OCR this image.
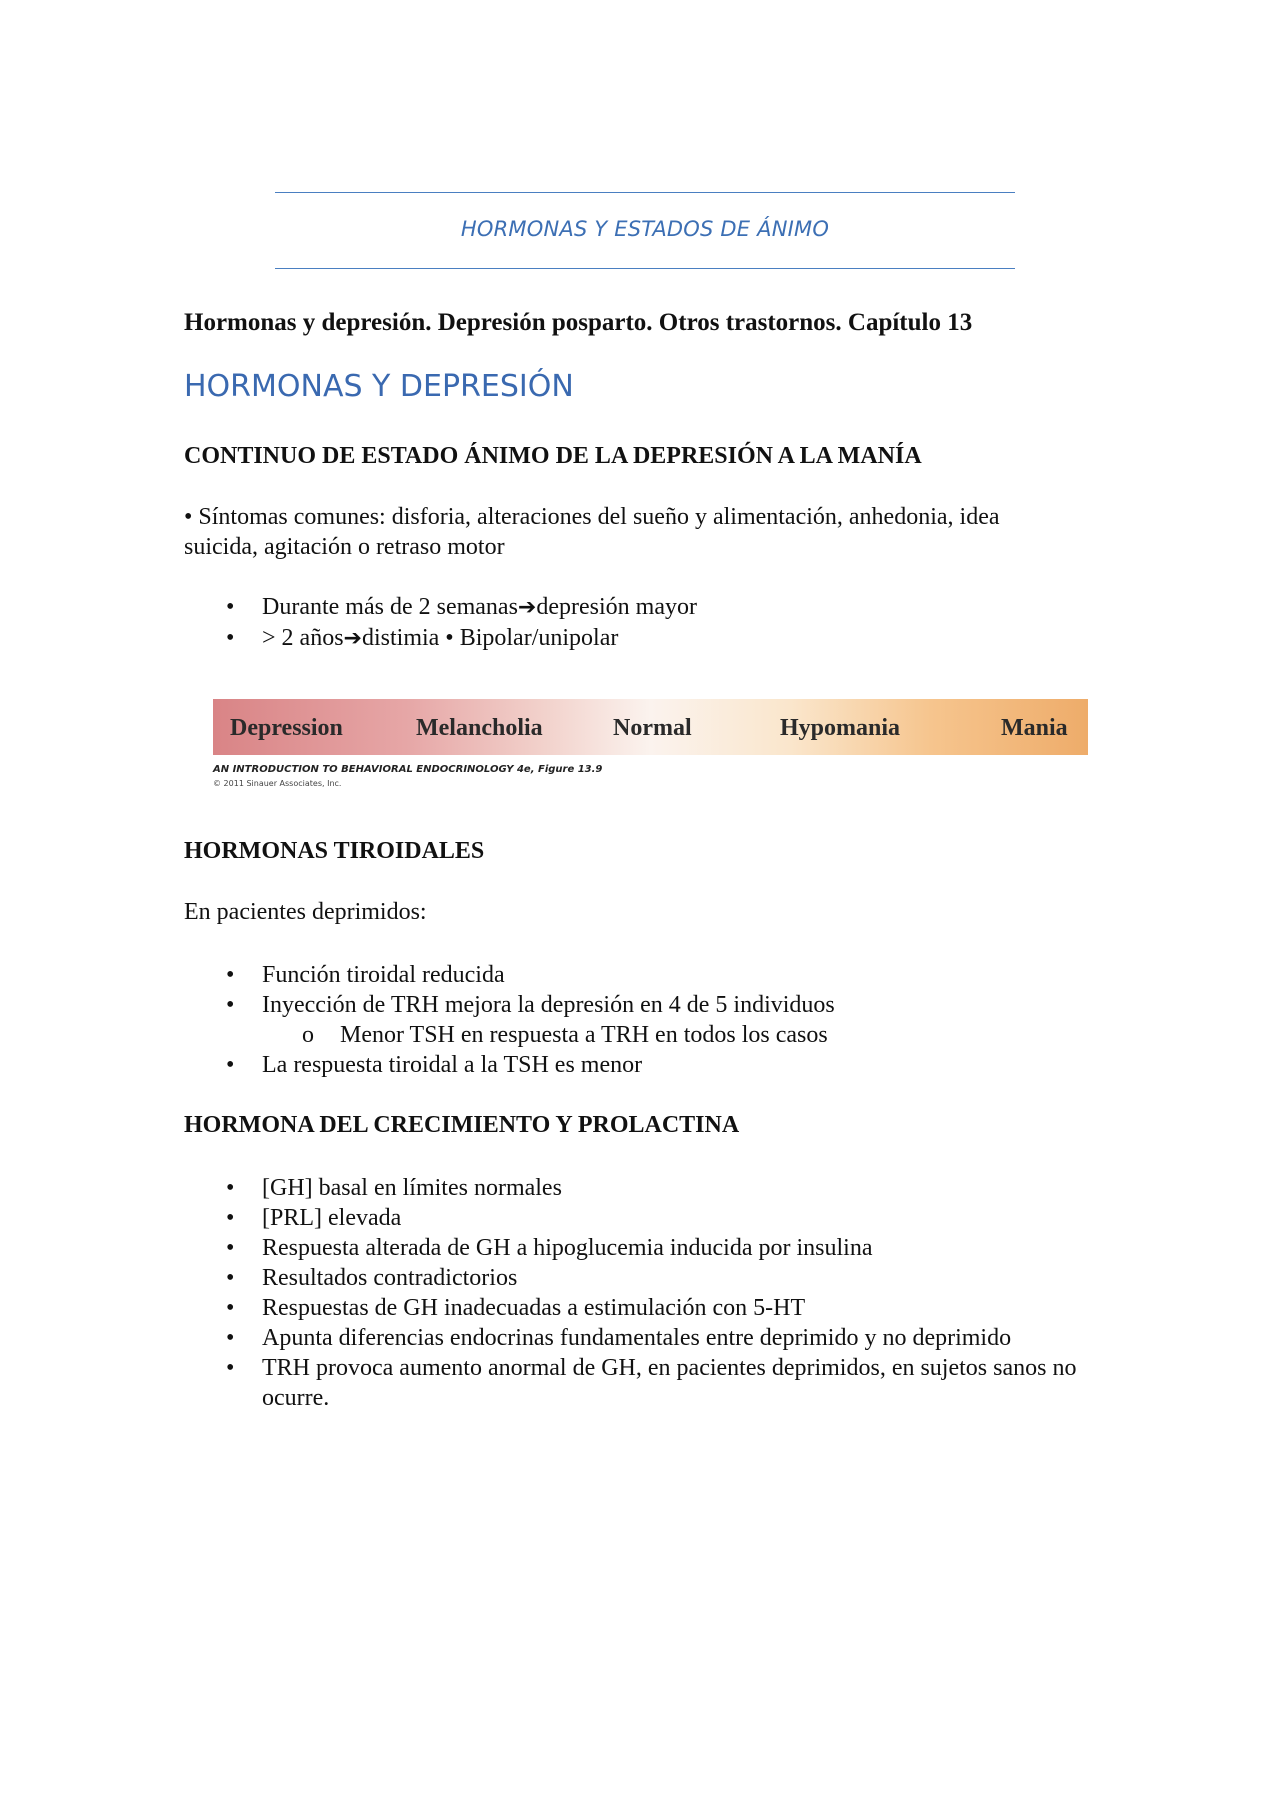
HORMONAS Y ESTADOS DE ÁNIMO
Hormonas y depresión. Depresión posparto. Otros trastornos. Capítulo 13
HORMONAS Y DEPRESIÓN
CONTINUO DE ESTADO ÁNIMO DE LA DEPRESIÓN A LA MANÍA
• Síntomas comunes: disforia, alteraciones del sueño y alimentación, anhedonia, idea
suicida, agitación o retraso motor
• Durante más de 2 semanas➔depresión mayor
• > 2 años➔distimia • Bipolar/unipolar
Depression	Melancholia	Normal	Hypomania	Mania
AN INTRODUCTION TO BEHAVIORAL ENDOCRINOLOGY 4e, Figure 13.9
© 2011 Sinauer Associates, Inc.
HORMONAS TIROIDALES
En pacientes deprimidos:
• Función tiroidal reducida
• Inyección de TRH mejora la depresión en 4 de 5 individuos
o Menor TSH en respuesta a TRH en todos los casos
• La respuesta tiroidal a la TSH es menor
HORMONA DEL CRECIMIENTO Y PROLACTINA
• [GH] basal en límites normales
• [PRL] elevada
• Respuesta alterada de GH a hipoglucemia inducida por insulina
• Resultados contradictorios
• Respuestas de GH inadecuadas a estimulación con 5-HT
• Apunta diferencias endocrinas fundamentales entre deprimido y no deprimido
• TRH provoca aumento anormal de GH, en pacientes deprimidos, en sujetos sanos no ocurre.
